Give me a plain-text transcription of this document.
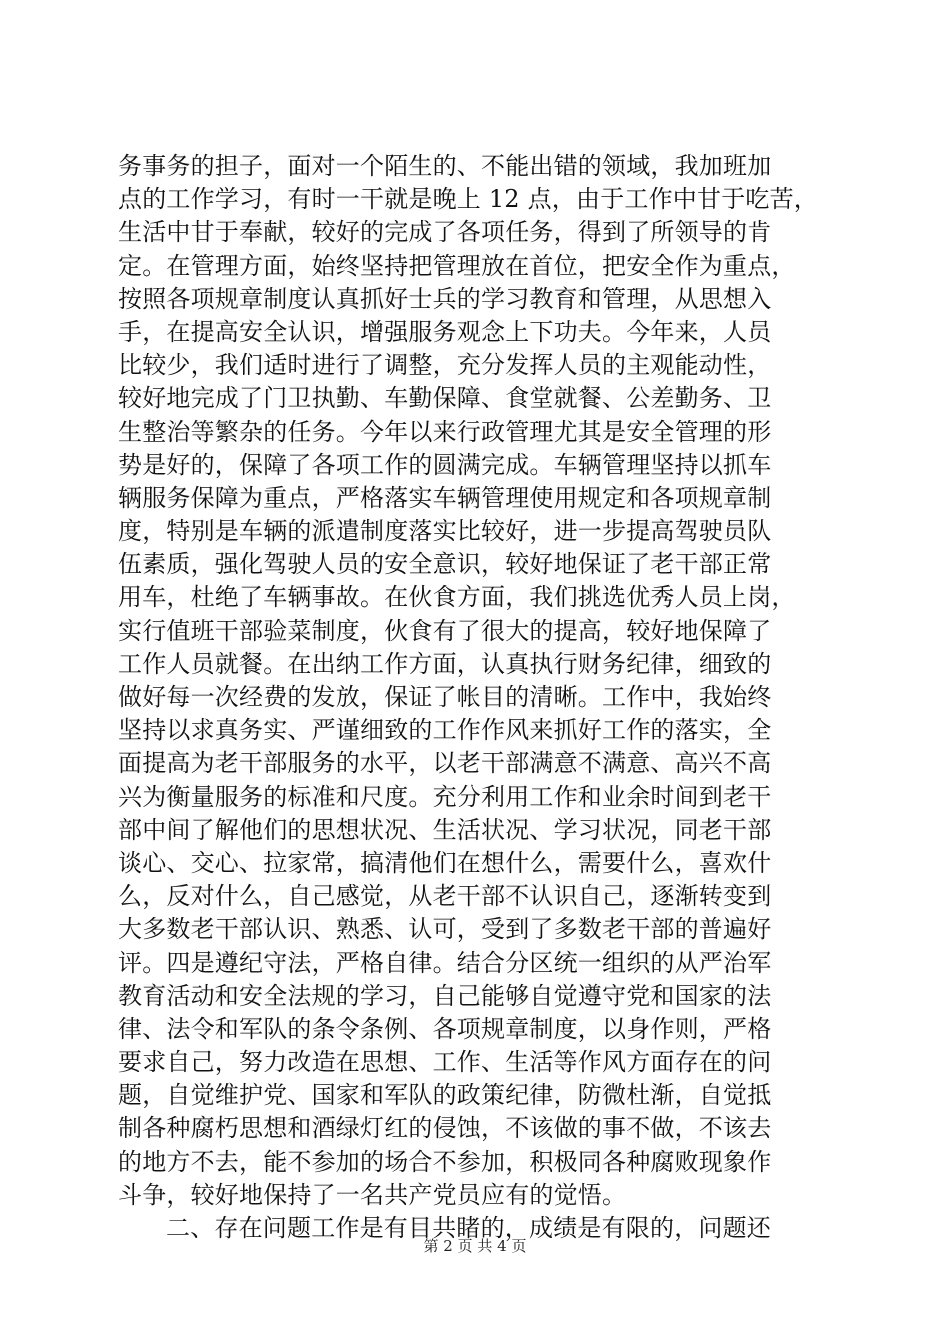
务事务的担子，面对一个陌生的、不能出错的领域，我加班加
点的工作学习，有时一干就是晚上 12 点，由于工作中甘于吃苦，
生活中甘于奉献，较好的完成了各项任务，得到了所领导的肯
定。在管理方面，始终坚持把管理放在首位，把安全作为重点，
按照各项规章制度认真抓好士兵的学习教育和管理，从思想入
手，在提高安全认识，增强服务观念上下功夫。今年来，人员
比较少，我们适时进行了调整，充分发挥人员的主观能动性，
较好地完成了门卫执勤、车勤保障、食堂就餐、公差勤务、卫
生整治等繁杂的任务。今年以来行政管理尤其是安全管理的形
势是好的，保障了各项工作的圆满完成。车辆管理坚持以抓车
辆服务保障为重点，严格落实车辆管理使用规定和各项规章制
度，特别是车辆的派遣制度落实比较好，进一步提高驾驶员队
伍素质，强化驾驶人员的安全意识，较好地保证了老干部正常
用车，杜绝了车辆事故。在伙食方面，我们挑选优秀人员上岗，
实行值班干部验菜制度，伙食有了很大的提高，较好地保障了
工作人员就餐。在出纳工作方面，认真执行财务纪律，细致的
做好每一次经费的发放，保证了帐目的清晰。工作中，我始终
坚持以求真务实、严谨细致的工作作风来抓好工作的落实，全
面提高为老干部服务的水平，以老干部满意不满意、高兴不高
兴为衡量服务的标准和尺度。充分利用工作和业余时间到老干
部中间了解他们的思想状况、生活状况、学习状况，同老干部
谈心、交心、拉家常，搞清他们在想什么，需要什么，喜欢什
么，反对什么，自己感觉，从老干部不认识自己，逐渐转变到
大多数老干部认识、熟悉、认可，受到了多数老干部的普遍好
评。四是遵纪守法，严格自律。结合分区统一组织的从严治军
教育活动和安全法规的学习，自己能够自觉遵守党和国家的法
律、法令和军队的条令条例、各项规章制度，以身作则，严格
要求自己，努力改造在思想、工作、生活等作风方面存在的问
题，自觉维护党、国家和军队的政策纪律，防微杜渐，自觉抵
制各种腐朽思想和酒绿灯红的侵蚀，不该做的事不做，不该去
的地方不去，能不参加的场合不参加，积极同各种腐败现象作
斗争，较好地保持了一名共产党员应有的觉悟。
二、存在问题工作是有目共睹的，成绩是有限的，问题还
第 2 页 共 4 页
